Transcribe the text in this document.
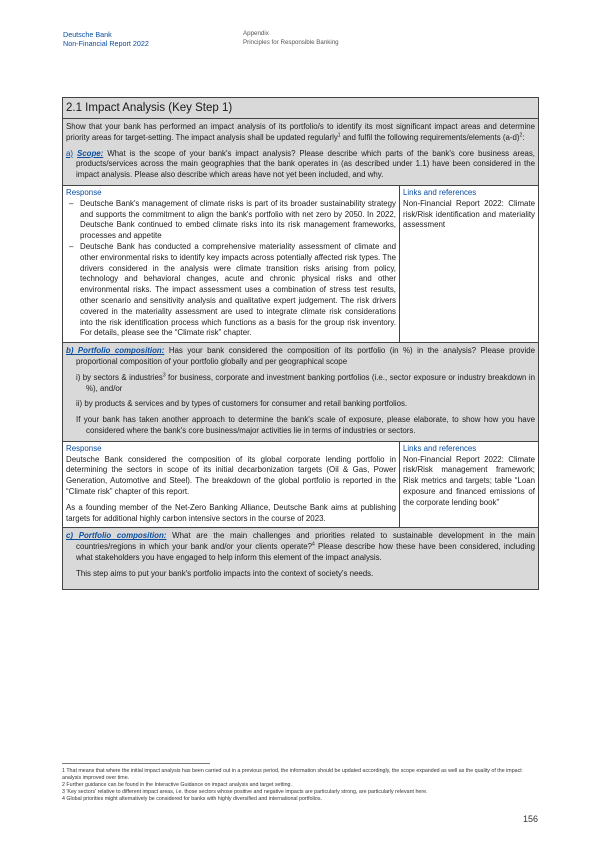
Deutsche Bank
Non-Financial Report 2022
Appendix
Principles for Responsible Banking
2.1 Impact Analysis (Key Step 1)

Show that your bank has performed an impact analysis of its portfolio/s to identify its most significant impact areas and determine priority areas for target-setting. The impact analysis shall be updated regularly$^1$ and fulfil the following requirements/elements $(a-d)^2$:

a) Scope: What is the scope of your bank's impact analysis? Please describe which parts of the bank's core business areas, products/services across the main geographies that the bank operates in (as described under 1.1) have been considered in the impact analysis. Please also describe which areas have not yet been included, and why.

Response
– Deutsche Bank's management of climate risks is part of its broader sustainability strategy and supports the commitment to align the bank's portfolio with net zero by 2050. In 2022, Deutsche Bank continued to embed climate risks into its risk management frameworks, processes and appetite
– Deutsche Bank has conducted a comprehensive materiality assessment of climate and other environmental risks to identify key impacts across potentially affected risk types. The drivers considered in the analysis were climate transition risks arising from policy, technology and behavioral changes, acute and chronic physical risks and other environmental risks. The impact assessment uses a combination of stress test results, other scenario and sensitivity analysis and qualitative expert judgement. The risk drivers covered in the materiality assessment are used to integrate climate risk considerations into the risk identification process which functions as a basis for the group risk inventory. For details, please see the “Climate risk” chapter.
Links and references
Non-Financial Report 2022: Climate risk/Risk identification and materiality assessment

b) Portfolio composition: Has your bank considered the composition of its portfolio (in %) in the analysis? Please provide proportional composition of your portfolio globally and per geographical scope

i) by sectors & industries$^3$ for business, corporate and investment banking portfolios (i.e., sector exposure or industry breakdown in %), and/or

ii) by products & services and by types of customers for consumer and retail banking portfolios.

If your bank has taken another approach to determine the bank's scale of exposure, please elaborate, to show how you have considered where the bank's core business/major activities lie in terms of industries or sectors.

Response

Deutsche Bank considered the composition of its global corporate lending portfolio in determining the sectors in scope of its initial decarbonization targets (Oil & Gas, Power Generation, Automotive and Steel). The breakdown of the global portfolio is reported in the “Climate risk” chapter of this report.

As a founding member of the Net-Zero Banking Alliance, Deutsche Bank aims at publishing targets for additional highly carbon intensive sectors in the course of 2023.

Links and references
Non-Financial Report 2022: Climate risk/Risk management framework; Risk metrics and targets; table “Loan exposure and financed emissions of the corporate lending book”

c) Portfolio composition: What are the main challenges and priorities related to sustainable development in the main countries/regions in which your bank and/or your clients operate?$^4$ Please describe how these have been considered, including what stakeholders you have engaged to help inform this element of the impact analysis.

This step aims to put your bank's portfolio impacts into the context of society's needs.

1 That means that where the initial impact analysis has been carried out in a previous period, the information should be updated accordingly, the scope expanded as well as the quality of the impact analysis improved over time.
2 Further guidance can be found in the Interactive Guidance on impact analysis and target setting.
3 'Key sectors' relative to different impact areas, i.e. those sectors whose positive and negative impacts are particularly strong, are particularly relevant here.
4 Global priorities might alternatively be considered for banks with highly diversified and international portfolios.
156
